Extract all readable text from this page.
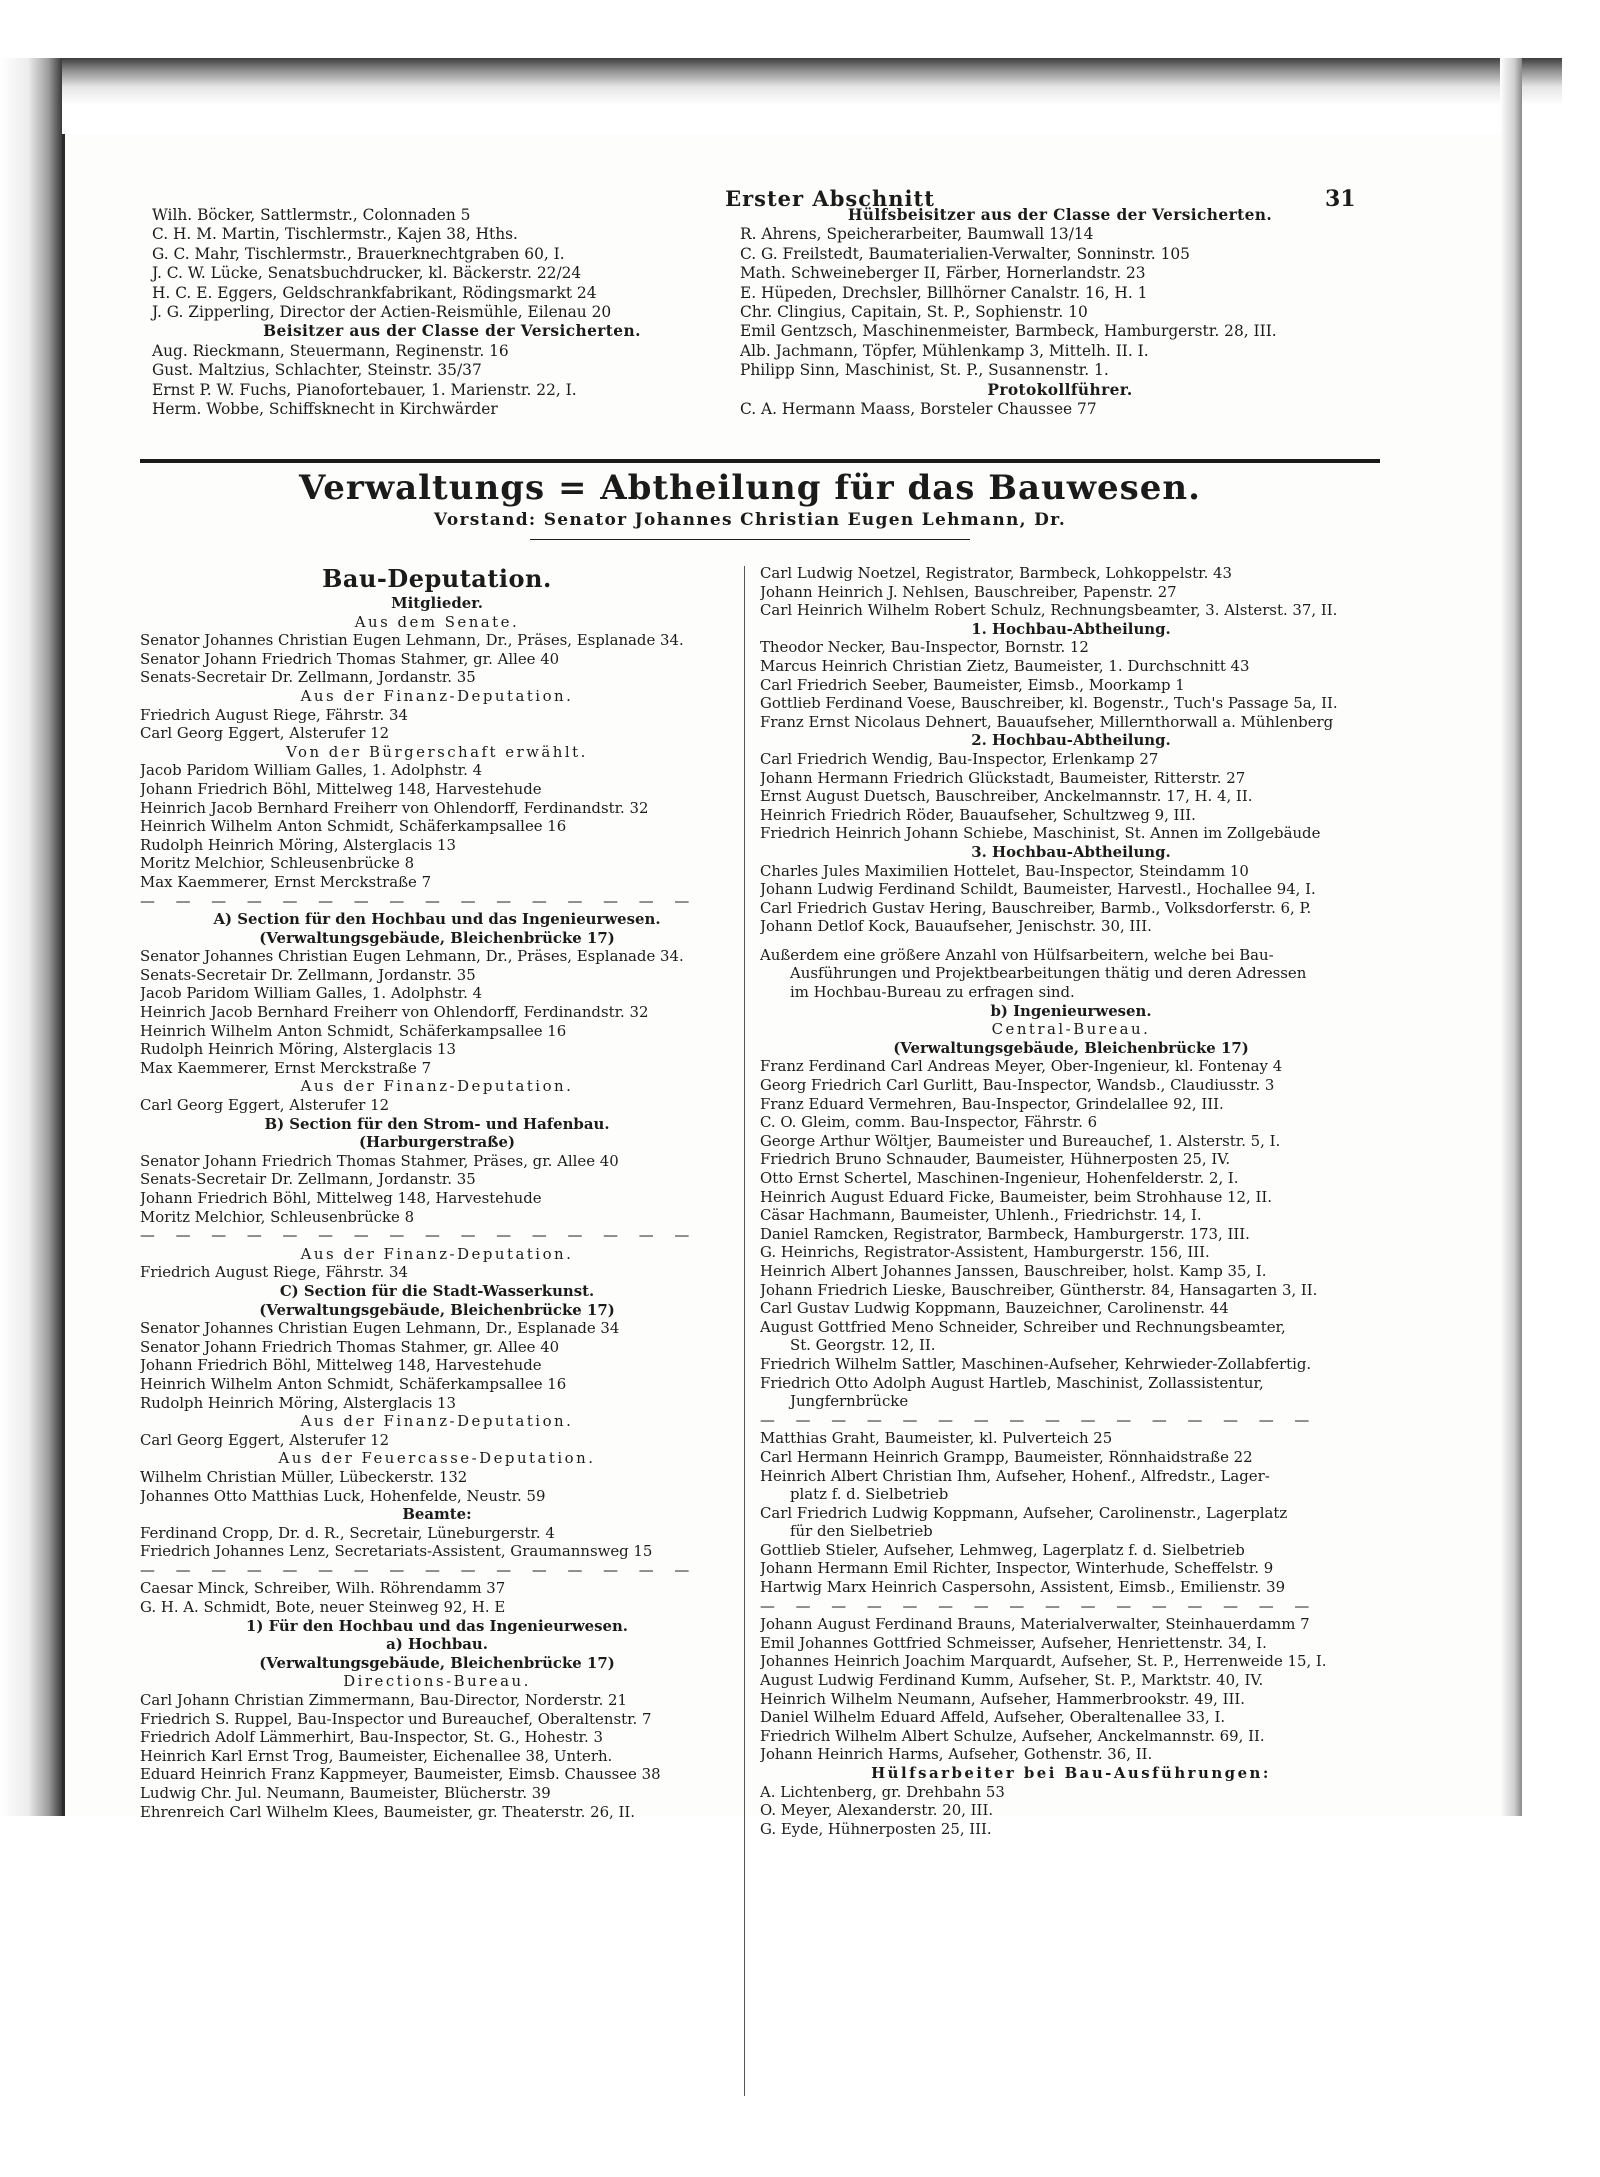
Erster Abschnitt	31
Wilh. Böcker, Sattlermstr., Colonnaden 5
C. H. M. Martin, Tischlermstr., Kajen 38, Hths.
G. C. Mahr, Tischlermstr., Brauerknechtgraben 60, I.
J. C. W. Lücke, Senatsbuchdrucker, kl. Bäckerstr. 22/24
H. C. E. Eggers, Geldschrankfabrikant, Rödingsmarkt 24
J. G. Zipperling, Director der Actien-Reismühle, Eilenau 20
Beisitzer aus der Classe der Versicherten.
Aug. Rieckmann, Steuermann, Reginenstr. 16
Gust. Maltzius, Schlachter, Steinstr. 35/37
Ernst P. W. Fuchs, Pianofortebauer, 1. Marienstr. 22, I.
Herm. Wobbe, Schiffsknecht in Kirchwärder
Hülfsbeisitzer aus der Classe der Versicherten.
R. Ahrens, Speicherarbeiter, Baumwall 13/14
C. G. Freilstedt, Baumaterialien-Verwalter, Sonninstr. 105
Math. Schweineberger II, Färber, Hornerlandstr. 23
E. Hüpeden, Drechsler, Billhörner Canalstr. 16, H. 1
Chr. Clingius, Capitain, St. P., Sophienstr. 10
Emil Gentzsch, Maschinenmeister, Barmbeck, Hamburgerstr. 28, III.
Alb. Jachmann, Töpfer, Mühlenkamp 3, Mittelh. II. I.
Philipp Sinn, Maschinist, St. P., Susannenstr. 1.
Protokollführer.
C. A. Hermann Maass, Borsteler Chaussee 77
Verwaltungs = Abtheilung für das Bauwesen.
Vorstand: Senator Johannes Christian Eugen Lehmann, Dr.
Bau-Deputation.
Mitglieder.
Aus dem Senate.
Senator Johannes Christian Eugen Lehmann, Dr., Präses, Esplanade 34.
Senator Johann Friedrich Thomas Stahmer, gr. Allee 40
Senats-Secretair Dr. Zellmann, Jordanstr. 35
Aus der Finanz-Deputation.
Friedrich August Riege, Fährstr. 34
Carl Georg Eggert, Alsterufer 12
Von der Bürgerschaft erwählt.
Jacob Paridom William Galles, 1. Adolphstr. 4
Johann Friedrich Böhl, Mittelweg 148, Harvestehude
Heinrich Jacob Bernhard Freiherr von Ohlendorff, Ferdinandstr. 32
Heinrich Wilhelm Anton Schmidt, Schäferkampsallee 16
Rudolph Heinrich Möring, Alsterglacis 13
Moritz Melchior, Schleusenbrücke 8
Max Kaemmerer, Ernst Merckstraße 7
— — — — — — — — — — — — — — — —
A) Section für den Hochbau und das Ingenieurwesen.
(Verwaltungsgebäude, Bleichenbrücke 17)
Senator Johannes Christian Eugen Lehmann, Dr., Präses, Esplanade 34.
Senats-Secretair Dr. Zellmann, Jordanstr. 35
Jacob Paridom William Galles, 1. Adolphstr. 4
Heinrich Jacob Bernhard Freiherr von Ohlendorff, Ferdinandstr. 32
Heinrich Wilhelm Anton Schmidt, Schäferkampsallee 16
Rudolph Heinrich Möring, Alsterglacis 13
Max Kaemmerer, Ernst Merckstraße 7
Aus der Finanz-Deputation.
Carl Georg Eggert, Alsterufer 12
B) Section für den Strom- und Hafenbau.
(Harburgerstraße)
Senator Johann Friedrich Thomas Stahmer, Präses, gr. Allee 40
Senats-Secretair Dr. Zellmann, Jordanstr. 35
Johann Friedrich Böhl, Mittelweg 148, Harvestehude
Moritz Melchior, Schleusenbrücke 8
— — — — — — — — — — — — — — — —
Aus der Finanz-Deputation.
Friedrich August Riege, Fährstr. 34
C) Section für die Stadt-Wasserkunst.
(Verwaltungsgebäude, Bleichenbrücke 17)
Senator Johannes Christian Eugen Lehmann, Dr., Esplanade 34
Senator Johann Friedrich Thomas Stahmer, gr. Allee 40
Johann Friedrich Böhl, Mittelweg 148, Harvestehude
Heinrich Wilhelm Anton Schmidt, Schäferkampsallee 16
Rudolph Heinrich Möring, Alsterglacis 13
Aus der Finanz-Deputation.
Carl Georg Eggert, Alsterufer 12
Aus der Feuercasse-Deputation.
Wilhelm Christian Müller, Lübeckerstr. 132
Johannes Otto Matthias Luck, Hohenfelde, Neustr. 59
Beamte:
Ferdinand Cropp, Dr. d. R., Secretair, Lüneburgerstr. 4
Friedrich Johannes Lenz, Secretariats-Assistent, Graumannsweg 15
— — — — — — — — — — — — — — — —
Caesar Minck, Schreiber, Wilh. Röhrendamm 37
G. H. A. Schmidt, Bote, neuer Steinweg 92, H. E
1) Für den Hochbau und das Ingenieurwesen.
a) Hochbau.
(Verwaltungsgebäude, Bleichenbrücke 17)
Directions-Bureau.
Carl Johann Christian Zimmermann, Bau-Director, Norderstr. 21
Friedrich S. Ruppel, Bau-Inspector und Bureauchef, Oberaltenstr. 7
Friedrich Adolf Lämmerhirt, Bau-Inspector, St. G., Hohestr. 3
Heinrich Karl Ernst Trog, Baumeister, Eichenallee 38, Unterh.
Eduard Heinrich Franz Kappmeyer, Baumeister, Eimsb. Chaussee 38
Ludwig Chr. Jul. Neumann, Baumeister, Blücherstr. 39
Ehrenreich Carl Wilhelm Klees, Baumeister, gr. Theaterstr. 26, II.
Carl Ludwig Noetzel, Registrator, Barmbeck, Lohkoppelstr. 43
Johann Heinrich J. Nehlsen, Bauschreiber, Papenstr. 27
Carl Heinrich Wilhelm Robert Schulz, Rechnungsbeamter, 3. Alsterst. 37, II.
1. Hochbau-Abtheilung.
Theodor Necker, Bau-Inspector, Bornstr. 12
Marcus Heinrich Christian Zietz, Baumeister, 1. Durchschnitt 43
Carl Friedrich Seeber, Baumeister, Eimsb., Moorkamp 1
Gottlieb Ferdinand Voese, Bauschreiber, kl. Bogenstr., Tuch's Passage 5a, II.
Franz Ernst Nicolaus Dehnert, Bauaufseher, Millernthorwall a. Mühlenberg
2. Hochbau-Abtheilung.
Carl Friedrich Wendig, Bau-Inspector, Erlenkamp 27
Johann Hermann Friedrich Glückstadt, Baumeister, Ritterstr. 27
Ernst August Duetsch, Bauschreiber, Anckelmannstr. 17, H. 4, II.
Heinrich Friedrich Röder, Bauaufseher, Schultzweg 9, III.
Friedrich Heinrich Johann Schiebe, Maschinist, St. Annen im Zollgebäude
3. Hochbau-Abtheilung.
Charles Jules Maximilien Hottelet, Bau-Inspector, Steindamm 10
Johann Ludwig Ferdinand Schildt, Baumeister, Harvestl., Hochallee 94, I.
Carl Friedrich Gustav Hering, Bauschreiber, Barmb., Volksdorferstr. 6, P.
Johann Detlof Kock, Bauaufseher, Jenischstr. 30, III.
Außerdem eine größere Anzahl von Hülfsarbeitern, welche bei Bau-
Ausführungen und Projektbearbeitungen thätig und deren Adressen
im Hochbau-Bureau zu erfragen sind.
b) Ingenieurwesen.
Central-Bureau.
(Verwaltungsgebäude, Bleichenbrücke 17)
Franz Ferdinand Carl Andreas Meyer, Ober-Ingenieur, kl. Fontenay 4
Georg Friedrich Carl Gurlitt, Bau-Inspector, Wandsb., Claudiusstr. 3
Franz Eduard Vermehren, Bau-Inspector, Grindelallee 92, III.
C. O. Gleim, comm. Bau-Inspector, Fährstr. 6
George Arthur Wöltjer, Baumeister und Bureauchef, 1. Alsterstr. 5, I.
Friedrich Bruno Schnauder, Baumeister, Hühnerposten 25, IV.
Otto Ernst Schertel, Maschinen-Ingenieur, Hohenfelderstr. 2, I.
Heinrich August Eduard Ficke, Baumeister, beim Strohhause 12, II.
Cäsar Hachmann, Baumeister, Uhlenh., Friedrichstr. 14, I.
Daniel Ramcken, Registrator, Barmbeck, Hamburgerstr. 173, III.
G. Heinrichs, Registrator-Assistent, Hamburgerstr. 156, III.
Heinrich Albert Johannes Janssen, Bauschreiber, holst. Kamp 35, I.
Johann Friedrich Lieske, Bauschreiber, Güntherstr. 84, Hansagarten 3, II.
Carl Gustav Ludwig Koppmann, Bauzeichner, Carolinenstr. 44
August Gottfried Meno Schneider, Schreiber und Rechnungsbeamter,
St. Georgstr. 12, II.
Friedrich Wilhelm Sattler, Maschinen-Aufseher, Kehrwieder-Zollabfertig.
Friedrich Otto Adolph August Hartleb, Maschinist, Zollassistentur,
Jungfernbrücke
— — — — — — — — — — — — — — — —
Matthias Graht, Baumeister, kl. Pulverteich 25
Carl Hermann Heinrich Grampp, Baumeister, Rönnhaidstraße 22
Heinrich Albert Christian Ihm, Aufseher, Hohenf., Alfredstr., Lager-
platz f. d. Sielbetrieb
Carl Friedrich Ludwig Koppmann, Aufseher, Carolinenstr., Lagerplatz
für den Sielbetrieb
Gottlieb Stieler, Aufseher, Lehmweg, Lagerplatz f. d. Sielbetrieb
Johann Hermann Emil Richter, Inspector, Winterhude, Scheffelstr. 9
Hartwig Marx Heinrich Caspersohn, Assistent, Eimsb., Emilienstr. 39
— — — — — — — — — — — — — — — —
Johann August Ferdinand Brauns, Materialverwalter, Steinhauerdamm 7
Emil Johannes Gottfried Schmeisser, Aufseher, Henriettenstr. 34, I.
Johannes Heinrich Joachim Marquardt, Aufseher, St. P., Herrenweide 15, I.
August Ludwig Ferdinand Kumm, Aufseher, St. P., Marktstr. 40, IV.
Heinrich Wilhelm Neumann, Aufseher, Hammerbrookstr. 49, III.
Daniel Wilhelm Eduard Affeld, Aufseher, Oberaltenallee 33, I.
Friedrich Wilhelm Albert Schulze, Aufseher, Anckelmannstr. 69, II.
Johann Heinrich Harms, Aufseher, Gothenstr. 36, II.
Hülfsarbeiter bei Bau-Ausführungen:
A. Lichtenberg, gr. Drehbahn 53
O. Meyer, Alexanderstr. 20, III.
G. Eyde, Hühnerposten 25, III.
